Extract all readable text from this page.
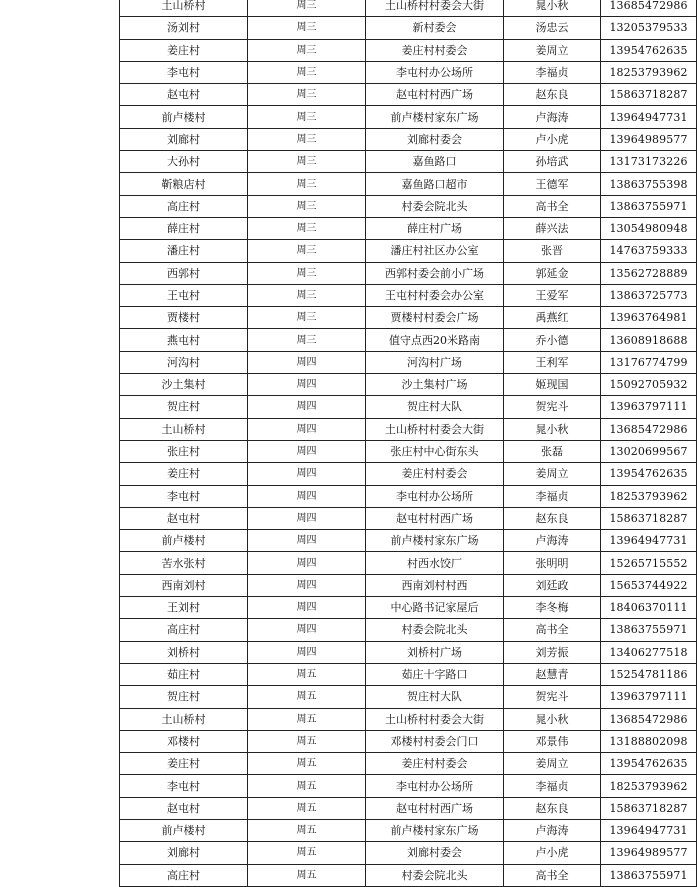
土山桥村	周三	土山桥村村委会大街	晁小秋	13685472986
汤刘村	周三	新村委会	汤忠云	13205379533
姜庄村	周三	姜庄村村委会	姜周立	13954762635
李屯村	周三	李屯村办公场所	李福贞	18253793962
赵屯村	周三	赵屯村村西广场	赵东良	15863718287
前卢楼村	周三	前卢楼村家东广场	卢海涛	13964947731
刘廊村	周三	刘廊村委会	卢小虎	13964989577
大孙村	周三	嘉鱼路口	孙培武	13173173226
靳粮店村	周三	嘉鱼路口超市	王德军	13863755398
高庄村	周三	村委会院北头	高书全	13863755971
薛庄村	周三	薛庄村广场	薛兴法	13054980948
潘庄村	周三	潘庄村社区办公室	张晋	14763759333
西郭村	周三	西郭村委会前小广场	郭延金	13562728889
王屯村	周三	王屯村村委会办公室	王爱军	13863725773
贾楼村	周三	贾楼村村委会广场	禹燕红	13963764981
燕屯村	周三	值守点西20米路南	乔小德	13608918688
河沟村	周四	河沟村广场	王利军	13176774799
沙土集村	周四	沙土集村广场	姬现国	15092705932
贺庄村	周四	贺庄村大队	贺宪斗	13963797111
土山桥村	周四	土山桥村村委会大街	晁小秋	13685472986
张庄村	周四	张庄村中心街东头	张磊	13020699567
姜庄村	周四	姜庄村村委会	姜周立	13954762635
李屯村	周四	李屯村办公场所	李福贞	18253793962
赵屯村	周四	赵屯村村西广场	赵东良	15863718287
前卢楼村	周四	前卢楼村家东广场	卢海涛	13964947731
苦水张村	周四	村西水饺厂	张明明	15265715552
西南刘村	周四	西南刘村村西	刘廷政	15653744922
王刘村	周四	中心路书记家屋后	李冬梅	18406370111
高庄村	周四	村委会院北头	高书全	13863755971
刘桥村	周四	刘桥村广场	刘芳振	13406277518
茹庄村	周五	茹庄十字路口	赵慧青	15254781186
贺庄村	周五	贺庄村大队	贺宪斗	13963797111
土山桥村	周五	土山桥村村委会大街	晁小秋	13685472986
邓楼村	周五	邓楼村村委会门口	邓景伟	13188802098
姜庄村	周五	姜庄村村委会	姜周立	13954762635
李屯村	周五	李屯村办公场所	李福贞	18253793962
赵屯村	周五	赵屯村村西广场	赵东良	15863718287
前卢楼村	周五	前卢楼村家东广场	卢海涛	13964947731
刘廊村	周五	刘廊村委会	卢小虎	13964989577
高庄村	周五	村委会院北头	高书全	13863755971
